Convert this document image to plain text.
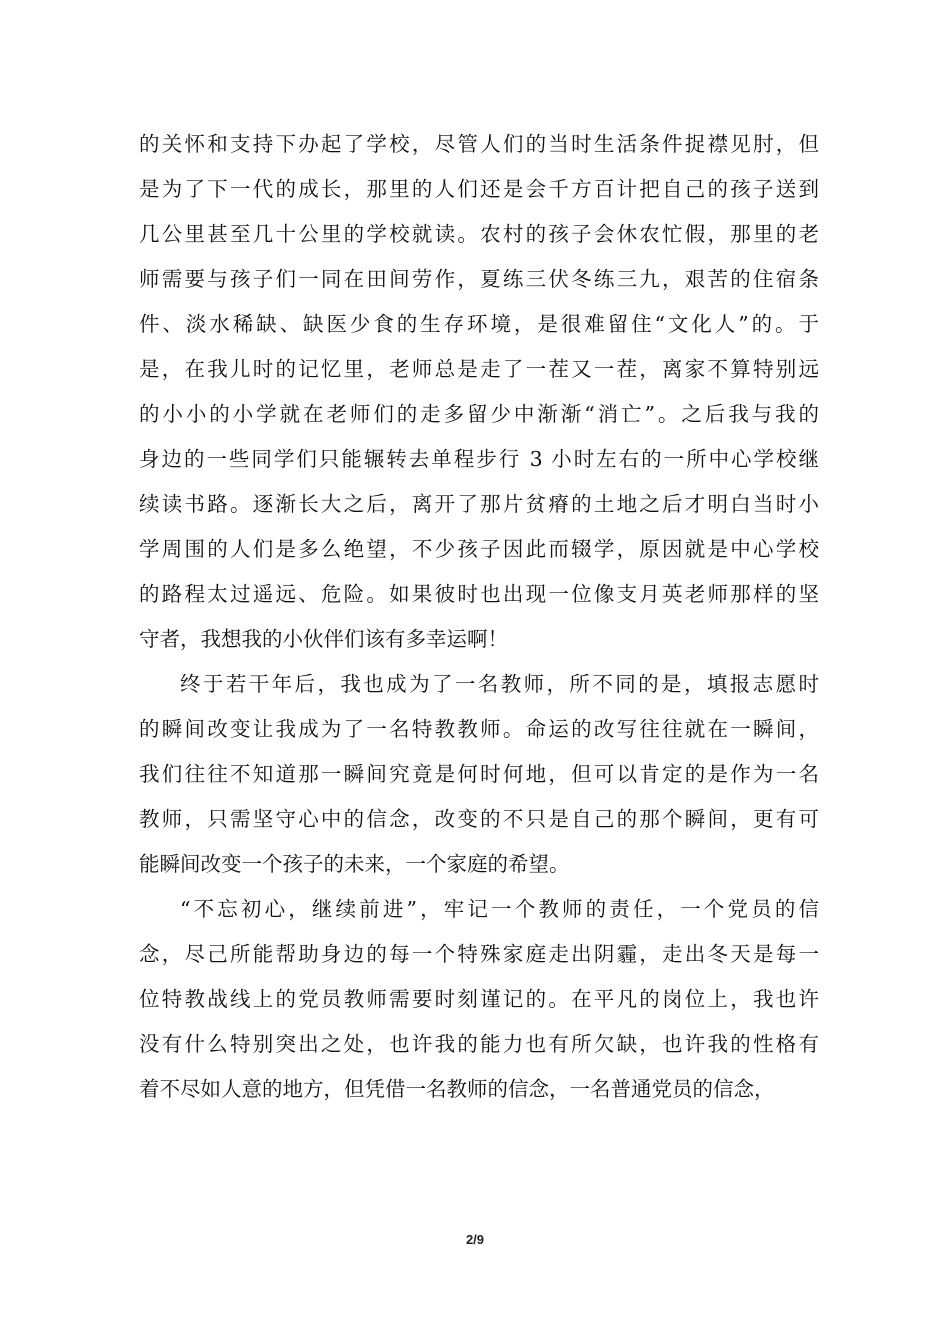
的关怀和支持下办起了学校，尽管人们的当时生活条件捉襟见肘，但
是为了下一代的成长，那里的人们还是会千方百计把自己的孩子送到
几公里甚至几十公里的学校就读。农村的孩子会休农忙假，那里的老
师需要与孩子们一同在田间劳作，夏练三伏冬练三九，艰苦的住宿条
件、淡水稀缺、缺医少食的生存环境，是很难留住“文化人”的。于
是，在我儿时的记忆里，老师总是走了一茬又一茬，离家不算特别远
的小小的小学就在老师们的走多留少中渐渐“消亡”。之后我与我的
身边的一些同学们只能辗转去单程步行 3 小时左右的一所中心学校继
续读书路。逐渐长大之后，离开了那片贫瘠的土地之后才明白当时小
学周围的人们是多么绝望，不少孩子因此而辍学，原因就是中心学校
的路程太过遥远、危险。如果彼时也出现一位像支月英老师那样的坚
守者，我想我的小伙伴们该有多幸运啊！
终于若干年后，我也成为了一名教师，所不同的是，填报志愿时
的瞬间改变让我成为了一名特教教师。命运的改写往往就在一瞬间，
我们往往不知道那一瞬间究竟是何时何地，但可以肯定的是作为一名
教师，只需坚守心中的信念，改变的不只是自己的那个瞬间，更有可
能瞬间改变一个孩子的未来，一个家庭的希望。
“不忘初心，继续前进”，牢记一个教师的责任，一个党员的信
念，尽己所能帮助身边的每一个特殊家庭走出阴霾，走出冬天是每一
位特教战线上的党员教师需要时刻谨记的。在平凡的岗位上，我也许
没有什么特别突出之处，也许我的能力也有所欠缺，也许我的性格有
着不尽如人意的地方，但凭借一名教师的信念，一名普通党员的信念，
2/9
